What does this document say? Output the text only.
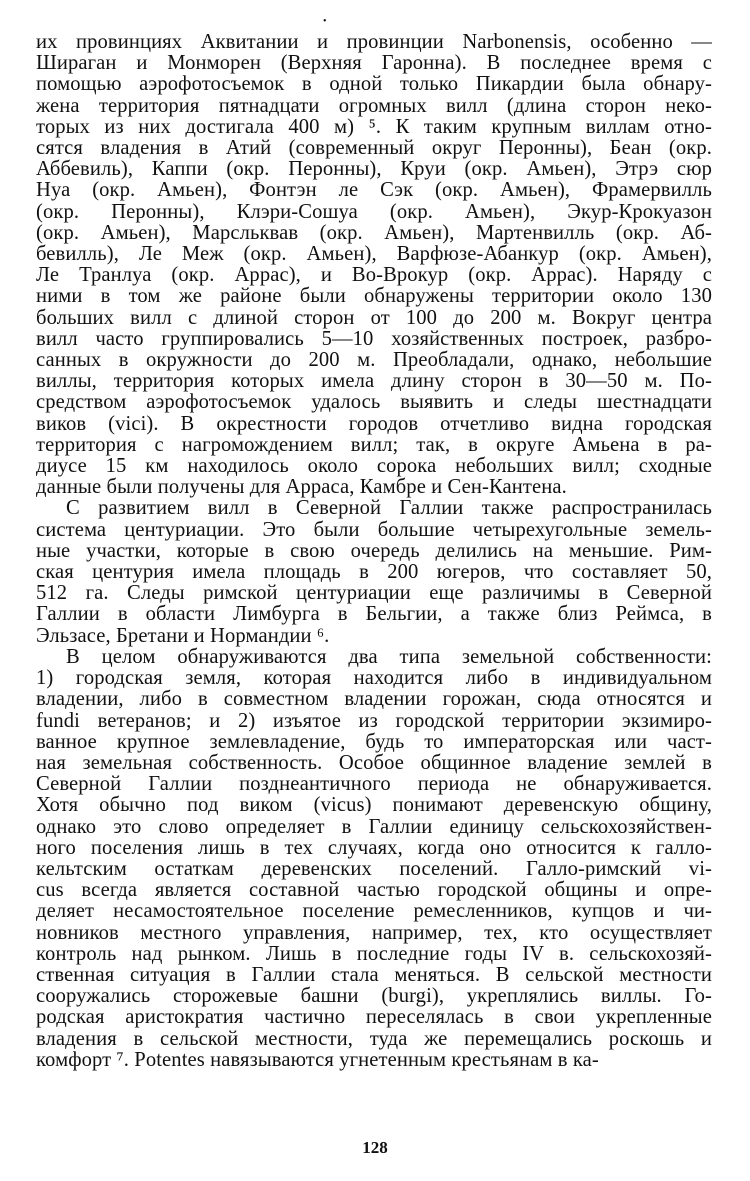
•

их провинциях Аквитании и провинции Narbonensis, особенно —
Шираган и Монморен (Верхняя Гаронна). В последнее время с
помощью аэрофотосъемок в одной только Пикардии была обнару-
жена территория пятнадцати огромных вилл (длина сторон неко-
торых из них достигала 400 м) ⁵. К таким крупным виллам отно-
сятся владения в Атий (современный округ Перонны), Беан (окр.
Аббевиль), Каппи (окр. Перонны), Круи (окр. Амьен), Этрэ сюр
Нуа (окр. Амьен), Фонтэн ле Сэк (окр. Амьен), Фрамервилль
(окр. Перонны), Клэри-Сошуа (окр. Амьен), Экур-Крокуазон
(окр. Амьен), Марсльквав (окр. Амьен), Мартенвилль (окр. Аб-
бевилль), Ле Меж (окр. Амьен), Варфюзе-Абанкур (окр. Амьен),
Ле Транлуа (окр. Аррас), и Во-Врокур (окр. Аррас). Наряду с
ними в том же районе были обнаружены территории около 130
больших вилл с длиной сторон от 100 до 200 м. Вокруг центра
вилл часто группировались 5—10 хозяйственных построек, разбро-
санных в окружности до 200 м. Преобладали, однако, небольшие
виллы, территория которых имела длину сторон в 30—50 м. По-
средством аэрофотосъемок удалось выявить и следы шестнадцати
виков (vici). В окрестности городов отчетливо видна городская
территория с нагромождением вилл; так, в округе Амьена в ра-
диусе 15 км находилось около сорока небольших вилл; сходные
данные были получены для Арраса, Камбре и Сен-Кантена.

С развитием вилл в Северной Галлии также распространилась
система центуриации. Это были большие четырехугольные земель-
ные участки, которые в свою очередь делились на меньшие. Рим-
ская центурия имела площадь в 200 югеров, что составляет 50,
512 га. Следы римской центуриации еще различимы в Северной
Галлии в области Лимбурга в Бельгии, а также близ Реймса, в
Эльзасе, Бретани и Нормандии ⁶.

В целом обнаруживаются два типа земельной собственности:
1) городская земля, которая находится либо в индивидуальном
владении, либо в совместном владении горожан, сюда относятся и
fundi ветеранов; и 2) изъятое из городской территории экзимиро-
ванное крупное землевладение, будь то императорская или част-
ная земельная собственность. Особое общинное владение землей в
Северной Галлии позднеантичного периода не обнаруживается.
Хотя обычно под виком (vicus) понимают деревенскую общину,
однако это слово определяет в Галлии единицу сельскохозяйствен-
ного поселения лишь в тех случаях, когда оно относится к галло-
кельтским остаткам деревенских поселений. Галло-римский vi-
cus всегда является составной частью городской общины и опре-
деляет несамостоятельное поселение ремесленников, купцов и чи-
новников местного управления, например, тех, кто осуществляет
контроль над рынком. Лишь в последние годы IV в. сельскохозяй-
ственная ситуация в Галлии стала меняться. В сельской местности
сооружались сторожевые башни (burgi), укреплялись виллы. Го-
родская аристократия частично переселялась в свои укрепленные
владения в сельской местности, туда же перемещались роскошь и
комфорт ⁷. Potentes навязываются угнетенным крестьянам в ка-

128
